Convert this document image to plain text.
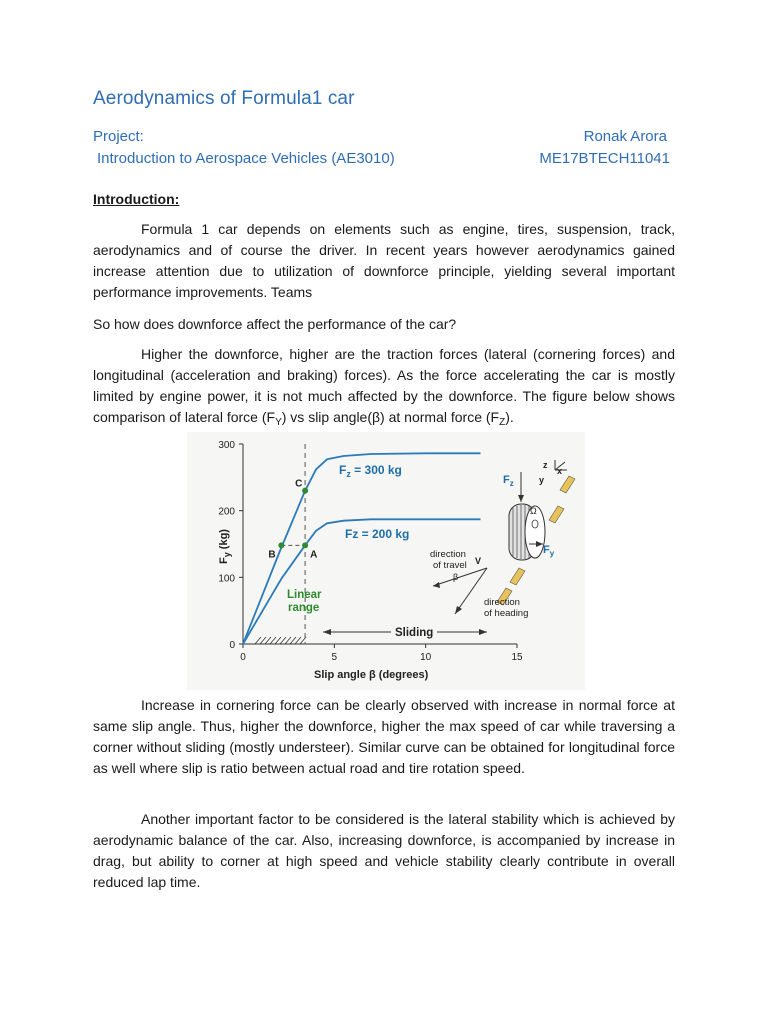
Aerodynamics of Formula1 car
Project:	Ronak Arora
Introduction to Aerospace Vehicles (AE3010)	ME17BTECH11041
Introduction:

Formula 1 car depends on elements such as engine, tires, suspension, track, aerodynamics and of course the driver. In recent years however aerodynamics gained increase attention due to utilization of downforce principle, yielding several important performance improvements. Teams

So how does downforce affect the performance of the car?

Higher the downforce, higher are the traction forces (lateral (cornering forces) and longitudinal (acceleration and braking) forces). As the force accelerating the car is mostly limited by engine power, it is not much affected by the downforce. The figure below shows comparison of lateral force $(F_Y)$ vs slip angle(β) at normal force $(F_Z)$.

0
100
200
300
0	5	10	15
C
B	A
$F_z = 300$ kg
Fz = 200 kg
Linear
range
Sliding
Slip angle β (degrees)
$F_y$ (kg)
Ω
z
y
x
$F_z$
$F_y$
V
β
direction
of travel
direction
of heading

Increase in cornering force can be clearly observed with increase in normal force at same slip angle. Thus, higher the downforce, higher the max speed of car while traversing a corner without sliding (mostly understeer). Similar curve can be obtained for longitudinal force as well where slip is ratio between actual road and tire rotation speed.

Another important factor to be considered is the lateral stability which is achieved by aerodynamic balance of the car. Also, increasing downforce, is accompanied by increase in drag, but ability to corner at high speed and vehicle stability clearly contribute in overall reduced lap time.
